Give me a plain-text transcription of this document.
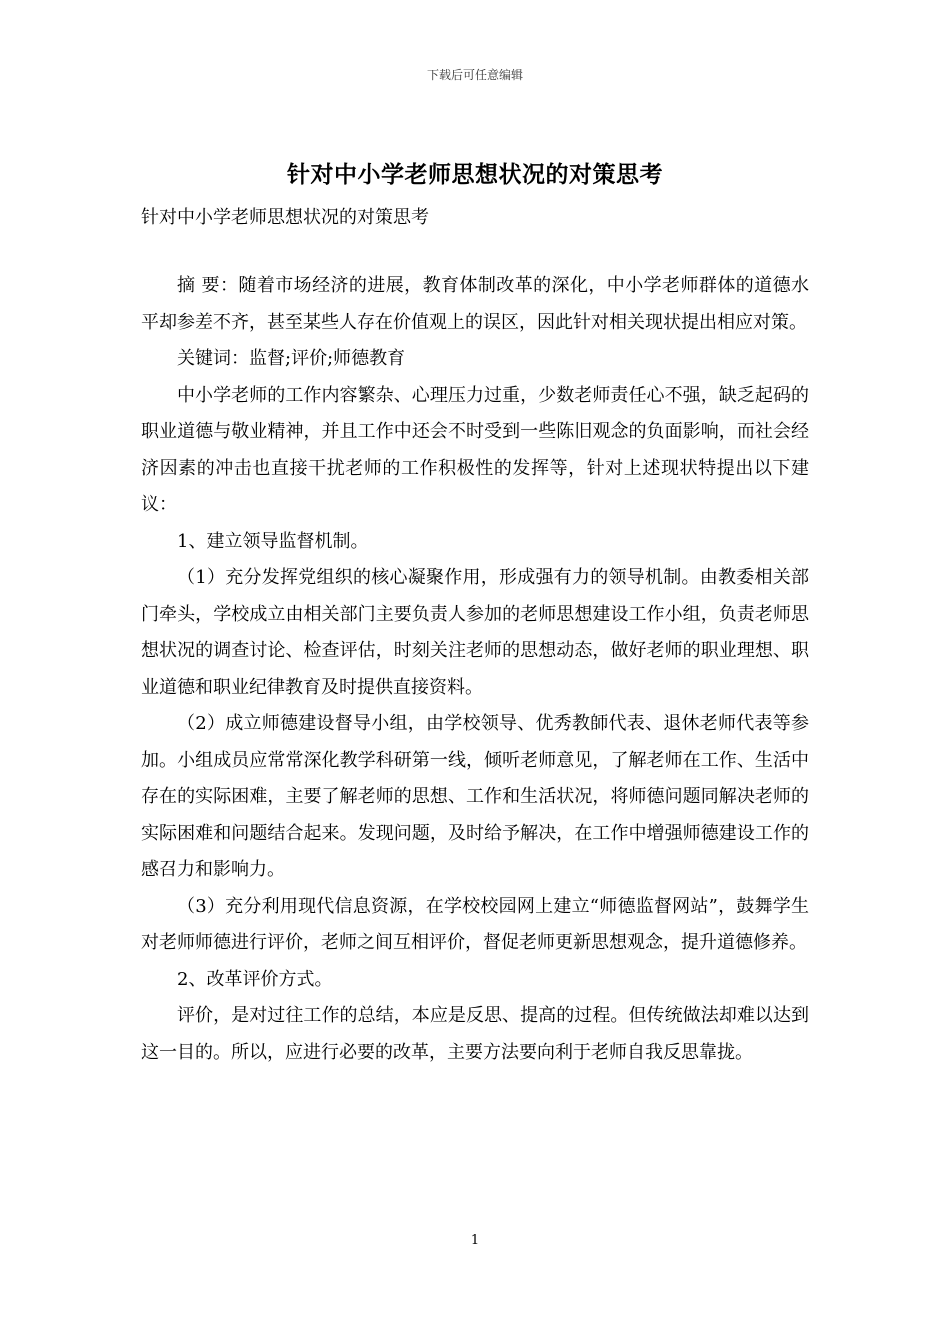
下载后可任意编辑
针对中小学老师思想状况的对策思考
针对中小学老师思想状况的对策思考

摘 要：随着市场经济的进展，教育体制改革的深化，中小学老师群体的道德水平却参差不齐，甚至某些人存在价值观上的误区，因此针对相关现状提出相应对策。

关键词：监督;评价;师德教育

中小学老师的工作内容繁杂、心理压力过重，少数老师责任心不强，缺乏起码的职业道德与敬业精神，并且工作中还会不时受到一些陈旧观念的负面影响，而社会经济因素的冲击也直接干扰老师的工作积极性的发挥等，针对上述现状特提出以下建议：

1、建立领导监督机制。

（1）充分发挥党组织的核心凝聚作用，形成强有力的领导机制。由教委相关部门牵头，学校成立由相关部门主要负责人参加的老师思想建设工作小组，负责老师思想状况的调查讨论、检查评估，时刻关注老师的思想动态，做好老师的职业理想、职业道德和职业纪律教育及时提供直接资料。

（2）成立师德建设督导小组，由学校领导、优秀教師代表、退休老师代表等参加。小组成员应常常深化教学科研第一线，倾听老师意见，了解老师在工作、生活中存在的实际困难，主要了解老师的思想、工作和生活状况，将师德问题同解决老师的实际困难和问题结合起来。发现问题，及时给予解决，在工作中增强师德建设工作的感召力和影响力。

（3）充分利用现代信息资源，在学校校园网上建立“师德监督网站”，鼓舞学生对老师师德进行评价，老师之间互相评价，督促老师更新思想观念，提升道德修养。

2、改革评价方式。

评价，是对过往工作的总结，本应是反思、提高的过程。但传统做法却难以达到这一目的。所以，应进行必要的改革，主要方法要向利于老师自我反思靠拢。

1
